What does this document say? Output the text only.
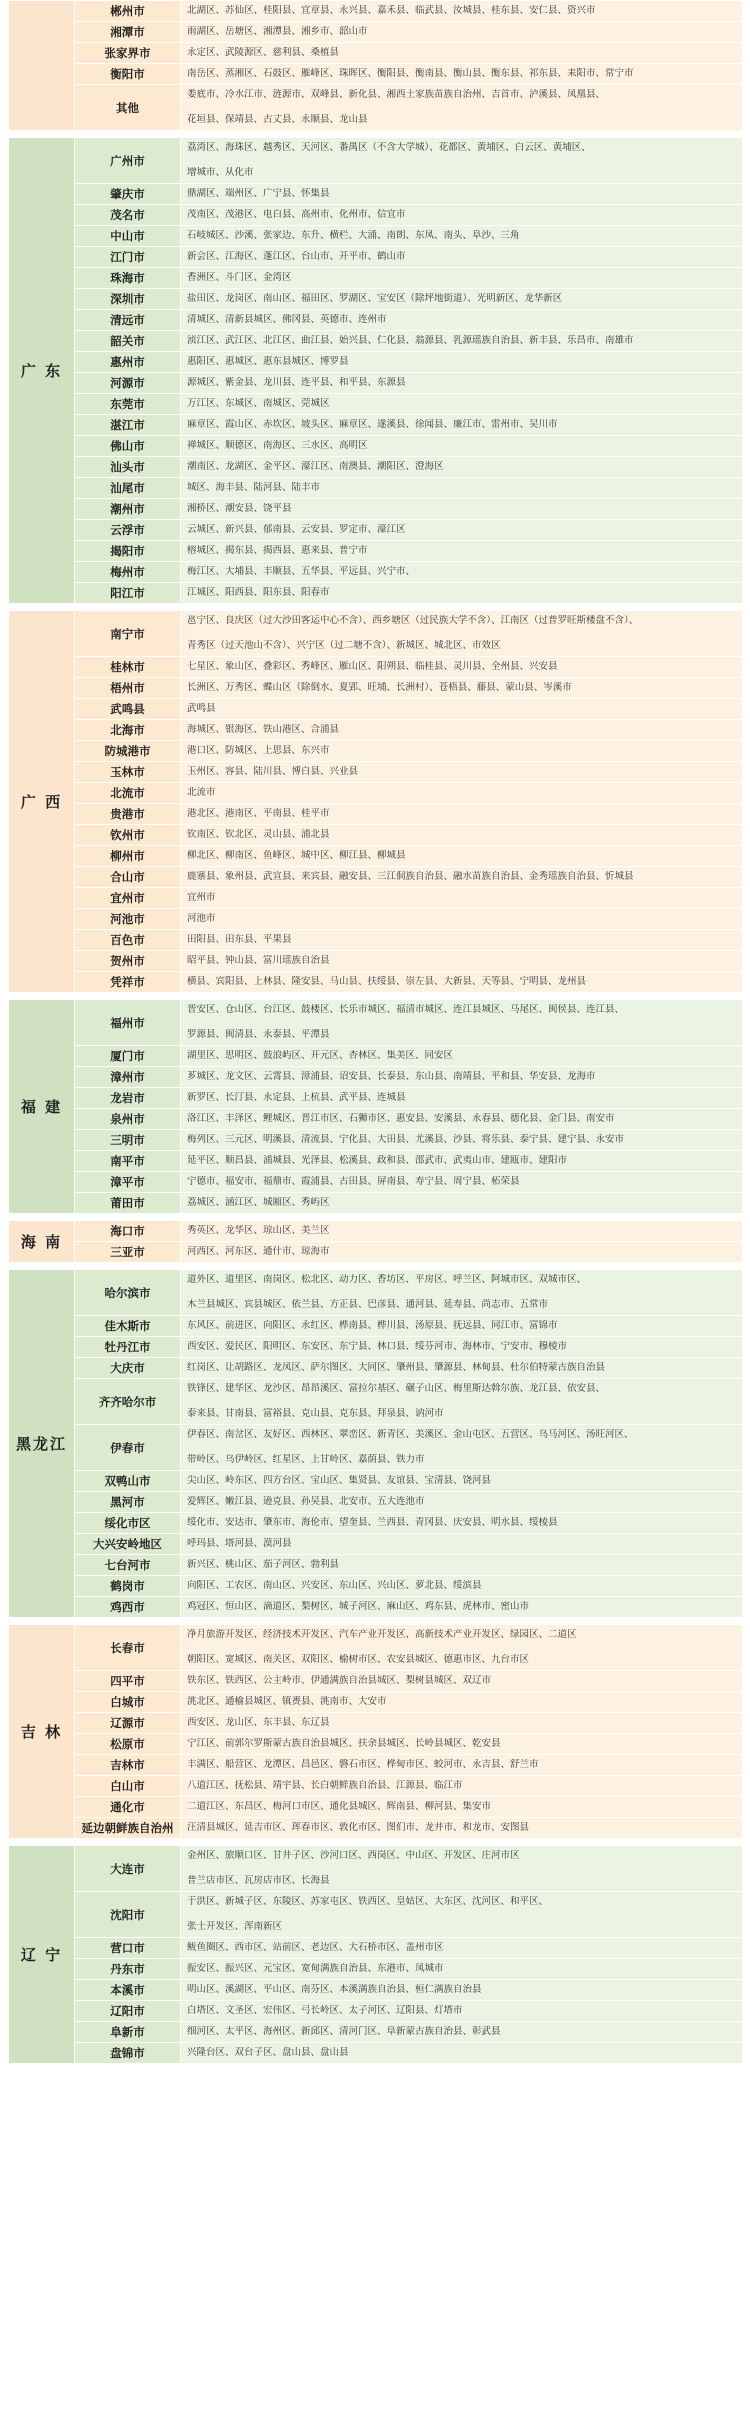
	郴州市	北湖区、苏仙区、桂阳县、宜章县、永兴县、嘉禾县、临武县、汝城县、桂东县、安仁县、资兴市

	湘潭市	雨湖区、岳塘区、湘潭县、湘乡市、韶山市

	张家界市	永定区、武陵源区、慈利县、桑植县

	衡阳市	南岳区、蒸湘区、石鼓区、雁峰区、珠晖区、衡阳县、衡南县、衡山县、衡东县、祁东县、耒阳市、常宁市

	其他	娄底市、冷水江市、涟源市、双峰县、新化县、湘西土家族苗族自治州、吉首市、泸溪县、凤凰县、
花垣县、保靖县、古丈县、永顺县、龙山县

广 东	广州市	荔湾区、海珠区、越秀区、天河区、番禺区（不含大学城）、花都区、黄埔区、白云区、黄埔区、
增城市、从化市

	肇庆市	鼎湖区、端州区、广宁县、怀集县

	茂名市	茂南区、茂港区、电白县、高州市、化州市、信宜市

	中山市	石岐城区、沙溪、张家边、东升、横栏、大涌、南朗、东凤、南头、阜沙、三角

	江门市	新会区、江海区、蓬江区、台山市、开平市、鹤山市

	珠海市	香洲区、斗门区、金湾区

	深圳市	盐田区、龙岗区、南山区、福田区、罗湖区、宝安区（除坪地街道）、光明新区、龙华新区

	清远市	清城区、清新县城区、佛冈县、英德市、连州市

	韶关市	浈江区、武江区、北江区、曲江县、始兴县、仁化县、翁源县、乳源瑶族自治县、新丰县、乐昌市、南雄市

	惠州市	惠阳区、惠城区、惠东县城区、博罗县

	河源市	源城区、紫金县、龙川县、连平县、和平县、东源县

	东莞市	万江区、东城区、南城区、莞城区

	湛江市	麻章区、霞山区、赤坎区、坡头区、麻章区、遂溪县、徐闻县、廉江市、雷州市、吴川市

	佛山市	禅城区、顺德区、南海区、三水区、高明区

	汕头市	潮南区、龙湖区、金平区、濠江区、南澳县、潮阳区、澄海区

	汕尾市	城区、海丰县、陆河县、陆丰市

	潮州市	湘桥区、潮安县、饶平县

	云浮市	云城区、新兴县、郁南县、云安县、罗定市、濠江区

	揭阳市	榕城区、揭东县、揭西县、惠来县、普宁市

	梅州市	梅江区、大埔县、丰顺县、五华县、平远县、兴宁市、

	阳江市	江城区、阳西县、阳东县、阳春市

广 西	南宁市	邕宁区、良庆区（过大沙田客运中心不含）、西乡塘区（过民族大学不含）、江南区（过普罗旺斯楼盘不含）、
青秀区（过天池山不含）、兴宁区（过二塘不含）、新城区、城北区、市效区

	桂林市	七星区、象山区、叠彩区、秀峰区、雁山区、阳朔县、临桂县、灵川县、全州县、兴安县

	梧州市	长洲区、万秀区、蝶山区（除倒水、夏郢、旺埔、长洲村）、苍梧县、藤县、蒙山县、岑溪市

	武鸣县	武鸣县

	北海市	海城区、银海区、铁山港区、合浦县

	防城港市	港口区、防城区、上思县、东兴市

	玉林市	玉州区、容县、陆川县、博白县、兴业县

	北流市	北流市

	贵港市	港北区、港南区、平南县、桂平市

	钦州市	钦南区、钦北区、灵山县、浦北县

	柳州市	柳北区、柳南区、鱼峰区、城中区、柳江县、柳城县

	合山市	鹿寨县、象州县、武宣县、来宾县、融安县、三江侗族自治县、融水苗族自治县、金秀瑶族自治县、忻城县

	宜州市	宜州市

	河池市	河池市

	百色市	田阳县、田东县、平果县

	贺州市	昭平县、钟山县、富川瑶族自治县

	凭祥市	横县、宾阳县、上林县、隆安县、马山县、扶绥县、崇左县、大新县、天等县、宁明县、龙州县

福 建	福州市	晋安区、仓山区、台江区、鼓楼区、长乐市城区、福清市城区、连江县城区、马尾区、闽侯县、连江县、
罗源县、闽清县、永泰县、平潭县

	厦门市	湖里区、思明区、鼓浪屿区、开元区、杏林区、集美区、同安区

	漳州市	芗城区、龙文区、云霄县、漳浦县、诏安县、长泰县、东山县、南靖县、平和县、华安县、龙海市

	龙岩市	新罗区、长汀县、永定县、上杭县、武平县、连城县

	泉州市	洛江区、丰泽区、鲤城区、晋江市区、石狮市区、惠安县、安溪县、永春县、德化县、金门县、南安市

	三明市	梅列区、三元区、明溪县、清流县、宁化县、大田县、尤溪县、沙县、将乐县、泰宁县、建宁县、永安市

	南平市	延平区、顺昌县、浦城县、光泽县、松溪县、政和县、邵武市、武夷山市、建瓯市、建阳市

	漳平市	宁德市、福安市、福鼎市、霞浦县、古田县、屏南县、寿宁县、周宁县、柘荣县

	莆田市	荔城区、涵江区、城厢区、秀屿区

海 南	海口市	秀英区、龙华区、琼山区、美兰区

	三亚市	河西区、河东区、通什市、琼海市

黑龙江	哈尔滨市	道外区、道里区、南岗区、松北区、动力区、香坊区、平房区、呼兰区、阿城市区、双城市区、
木兰县城区、宾县城区、依兰县、方正县、巴彦县、通河县、延寿县、尚志市、五常市

	佳木斯市	东风区、前进区、向阳区、永红区、桦南县、桦川县、汤原县、抚远县、同江市、富锦市

	牡丹江市	西安区、爱民区、阳明区、东安区、东宁县、林口县、绥芬河市、海林市、宁安市、穆棱市

	大庆市	红岗区、让胡路区、龙凤区、萨尔图区、大同区、肇州县、肇源县、林甸县、杜尔伯特蒙古族自治县

	齐齐哈尔市	铁锋区、建华区、龙沙区、昂昂溪区、富拉尔基区、碾子山区、梅里斯达斡尔族、龙江县、依安县、
泰来县、甘南县、富裕县、克山县、克东县、拜泉县、讷河市

	伊春市	伊春区、南岔区、友好区、西林区、翠峦区、新青区、美溪区、金山屯区、五营区、乌马河区、汤旺河区、
带岭区、乌伊岭区、红星区、上甘岭区、嘉荫县、铁力市

	双鸭山市	尖山区、岭东区、四方台区、宝山区、集贤县、友谊县、宝清县、饶河县

	黑河市	爱辉区、嫩江县、逊克县、孙吴县、北安市、五大连池市

	绥化市区	绥化市、安达市、肇东市、海伦市、望奎县、兰西县、青冈县、庆安县、明水县、绥棱县

	大兴安岭地区	呼玛县、塔河县、漠河县

	七台河市	新兴区、桃山区、茄子河区、勃利县

	鹤岗市	向阳区、工农区、南山区、兴安区、东山区、兴山区、萝北县、绥滨县

	鸡西市	鸡冠区、恒山区、滴道区、梨树区、城子河区、麻山区、鸡东县、虎林市、密山市

吉 林	长春市	净月旅游开发区、经济技术开发区、汽车产业开发区、高新技术产业开发区、绿园区、二道区
朝阳区、宽城区、南关区、双阳区、榆树市区、农安县城区、德惠市区、九台市区

	四平市	铁东区、铁西区、公主岭市、伊通满族自治县城区、梨树县城区、双辽市

	白城市	洮北区、通榆县城区、镇赉县、洮南市、大安市

	辽源市	西安区、龙山区、东丰县、东辽县

	松原市	宁江区、前郭尔罗斯蒙古族自治县城区、扶余县城区、长岭县城区、乾安县

	吉林市	丰满区、船营区、龙潭区、昌邑区、磐石市区、桦甸市区、蛟河市、永吉县、舒兰市

	白山市	八道江区、抚松县、靖宇县、长白朝鲜族自治县、江源县、临江市

	通化市	二道江区、东昌区、梅河口市区、通化县城区、辉南县、柳河县、集安市

	延边朝鲜族自治州	汪清县城区、延吉市区、珲春市区、敦化市区、图们市、龙井市、和龙市、安图县

辽 宁	大连市	金州区、旅顺口区、甘井子区、沙河口区、西岗区、中山区、开发区、庄河市区
普兰店市区、瓦房店市区、长海县

	沈阳市	于洪区、新城子区、东陵区、苏家屯区、铁西区、皇姑区、大东区、沈河区、和平区、
张士开发区、浑南新区

	营口市	鲅鱼圈区、西市区、站前区、老边区、大石桥市区、盖州市区

	丹东市	振安区、振兴区、元宝区、宽甸满族自治县、东港市、凤城市

	本溪市	明山区、溪湖区、平山区、南芬区、本溪满族自治县、桓仁满族自治县

	辽阳市	白塔区、文圣区、宏伟区、弓长岭区、太子河区、辽阳县、灯塔市

	阜新市	细河区、太平区、海州区、新邱区、清河门区、阜新蒙古族自治县、彰武县

	盘锦市	兴隆台区、双台子区、盘山县、盘山县
